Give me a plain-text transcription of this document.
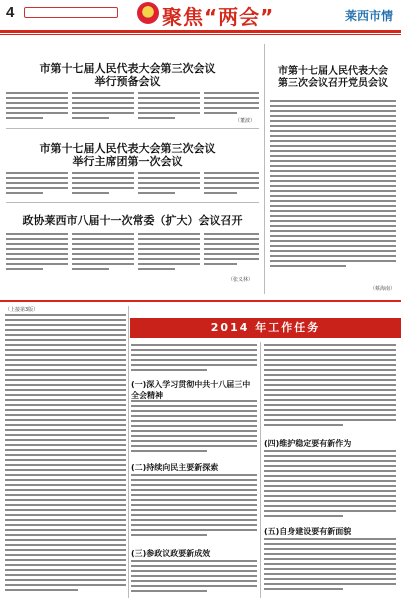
4	聚焦“两会”	莱西市情
市第十七届人民代表大会第三次会议
举行预备会议
（董波）
市第十七届人民代表大会第三次会议
举行主席团第一次会议
政协莱西市八届十一次常委（扩大）会议召开
（张义林）
市第十七届人民代表大会
第三次会议召开党员会议
（蔡海南）
（上接第3版）
2014 年工作任务
(一)深入学习贯彻中共十八届三中全会精神
(二)持续向民主要新探索
(三)参政议政要新成效
(四)维护稳定要有新作为
(五)自身建设要有新面貌
